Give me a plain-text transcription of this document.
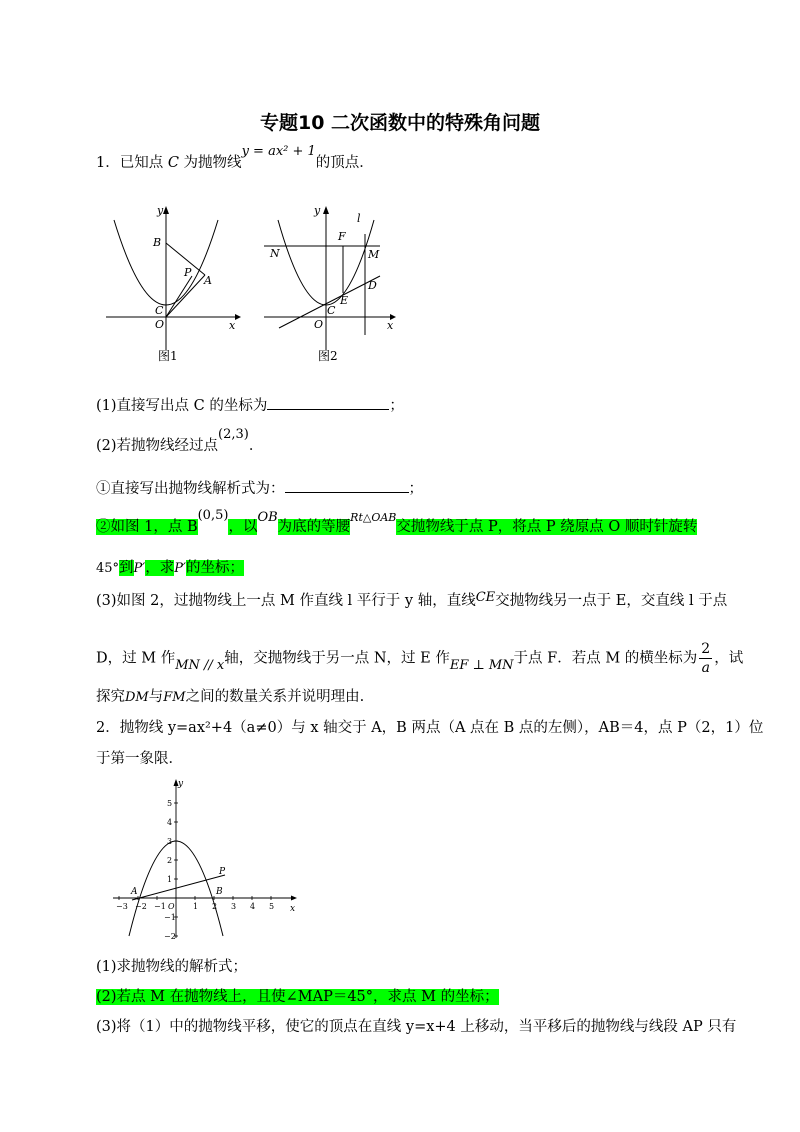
专题10 二次函数中的特殊角问题
1．已知点 C 为抛物线y = ax² + 1的顶点．
y
x
O
B
P
A
C
图1
y
x
O
l
F
N	M
D
E
C
图2
(1)直接写出点 C 的坐标为	；
(2)若抛物线经过点(2,3)．
①直接写出抛物线解析式为：	；
②如图 1，点 B(0,5)，以OB为底的等腰$^{Rt\triangle OAB}$交抛物线于点 P，将点 P 绕原点 O 顺时针旋转
45°到P′，求P′的坐标；
(3)如图 2，过抛物线上一点 M 作直线 l 平行于 y 轴，直线CE交抛物线另一点于 E，交直线 l 于点
D，过 M 作MN // x轴，交抛物线于另一点 N，过 E 作EF ⊥ MN于点 F．若点 M 的横坐标为 $\frac{2}{a}$ ，试
探究DM与FM之间的数量关系并说明理由.
2．抛物线 y=ax²+4（a≠0）与 x 轴交于 A，B 两点（A 点在 B 点的左侧），AB＝4，点 P（2，1）位
于第一象限．
y
x
A	B
P
−3 −2 −1 O 1 2 3 4 5
5
4
3
2
1
−1
−2
(1)求抛物线的解析式；
(2)若点 M 在抛物线上，且使∠MAP＝45°，求点 M 的坐标；
(3)将（1）中的抛物线平移，使它的顶点在直线 y=x+4 上移动，当平移后的抛物线与线段 AP 只有
